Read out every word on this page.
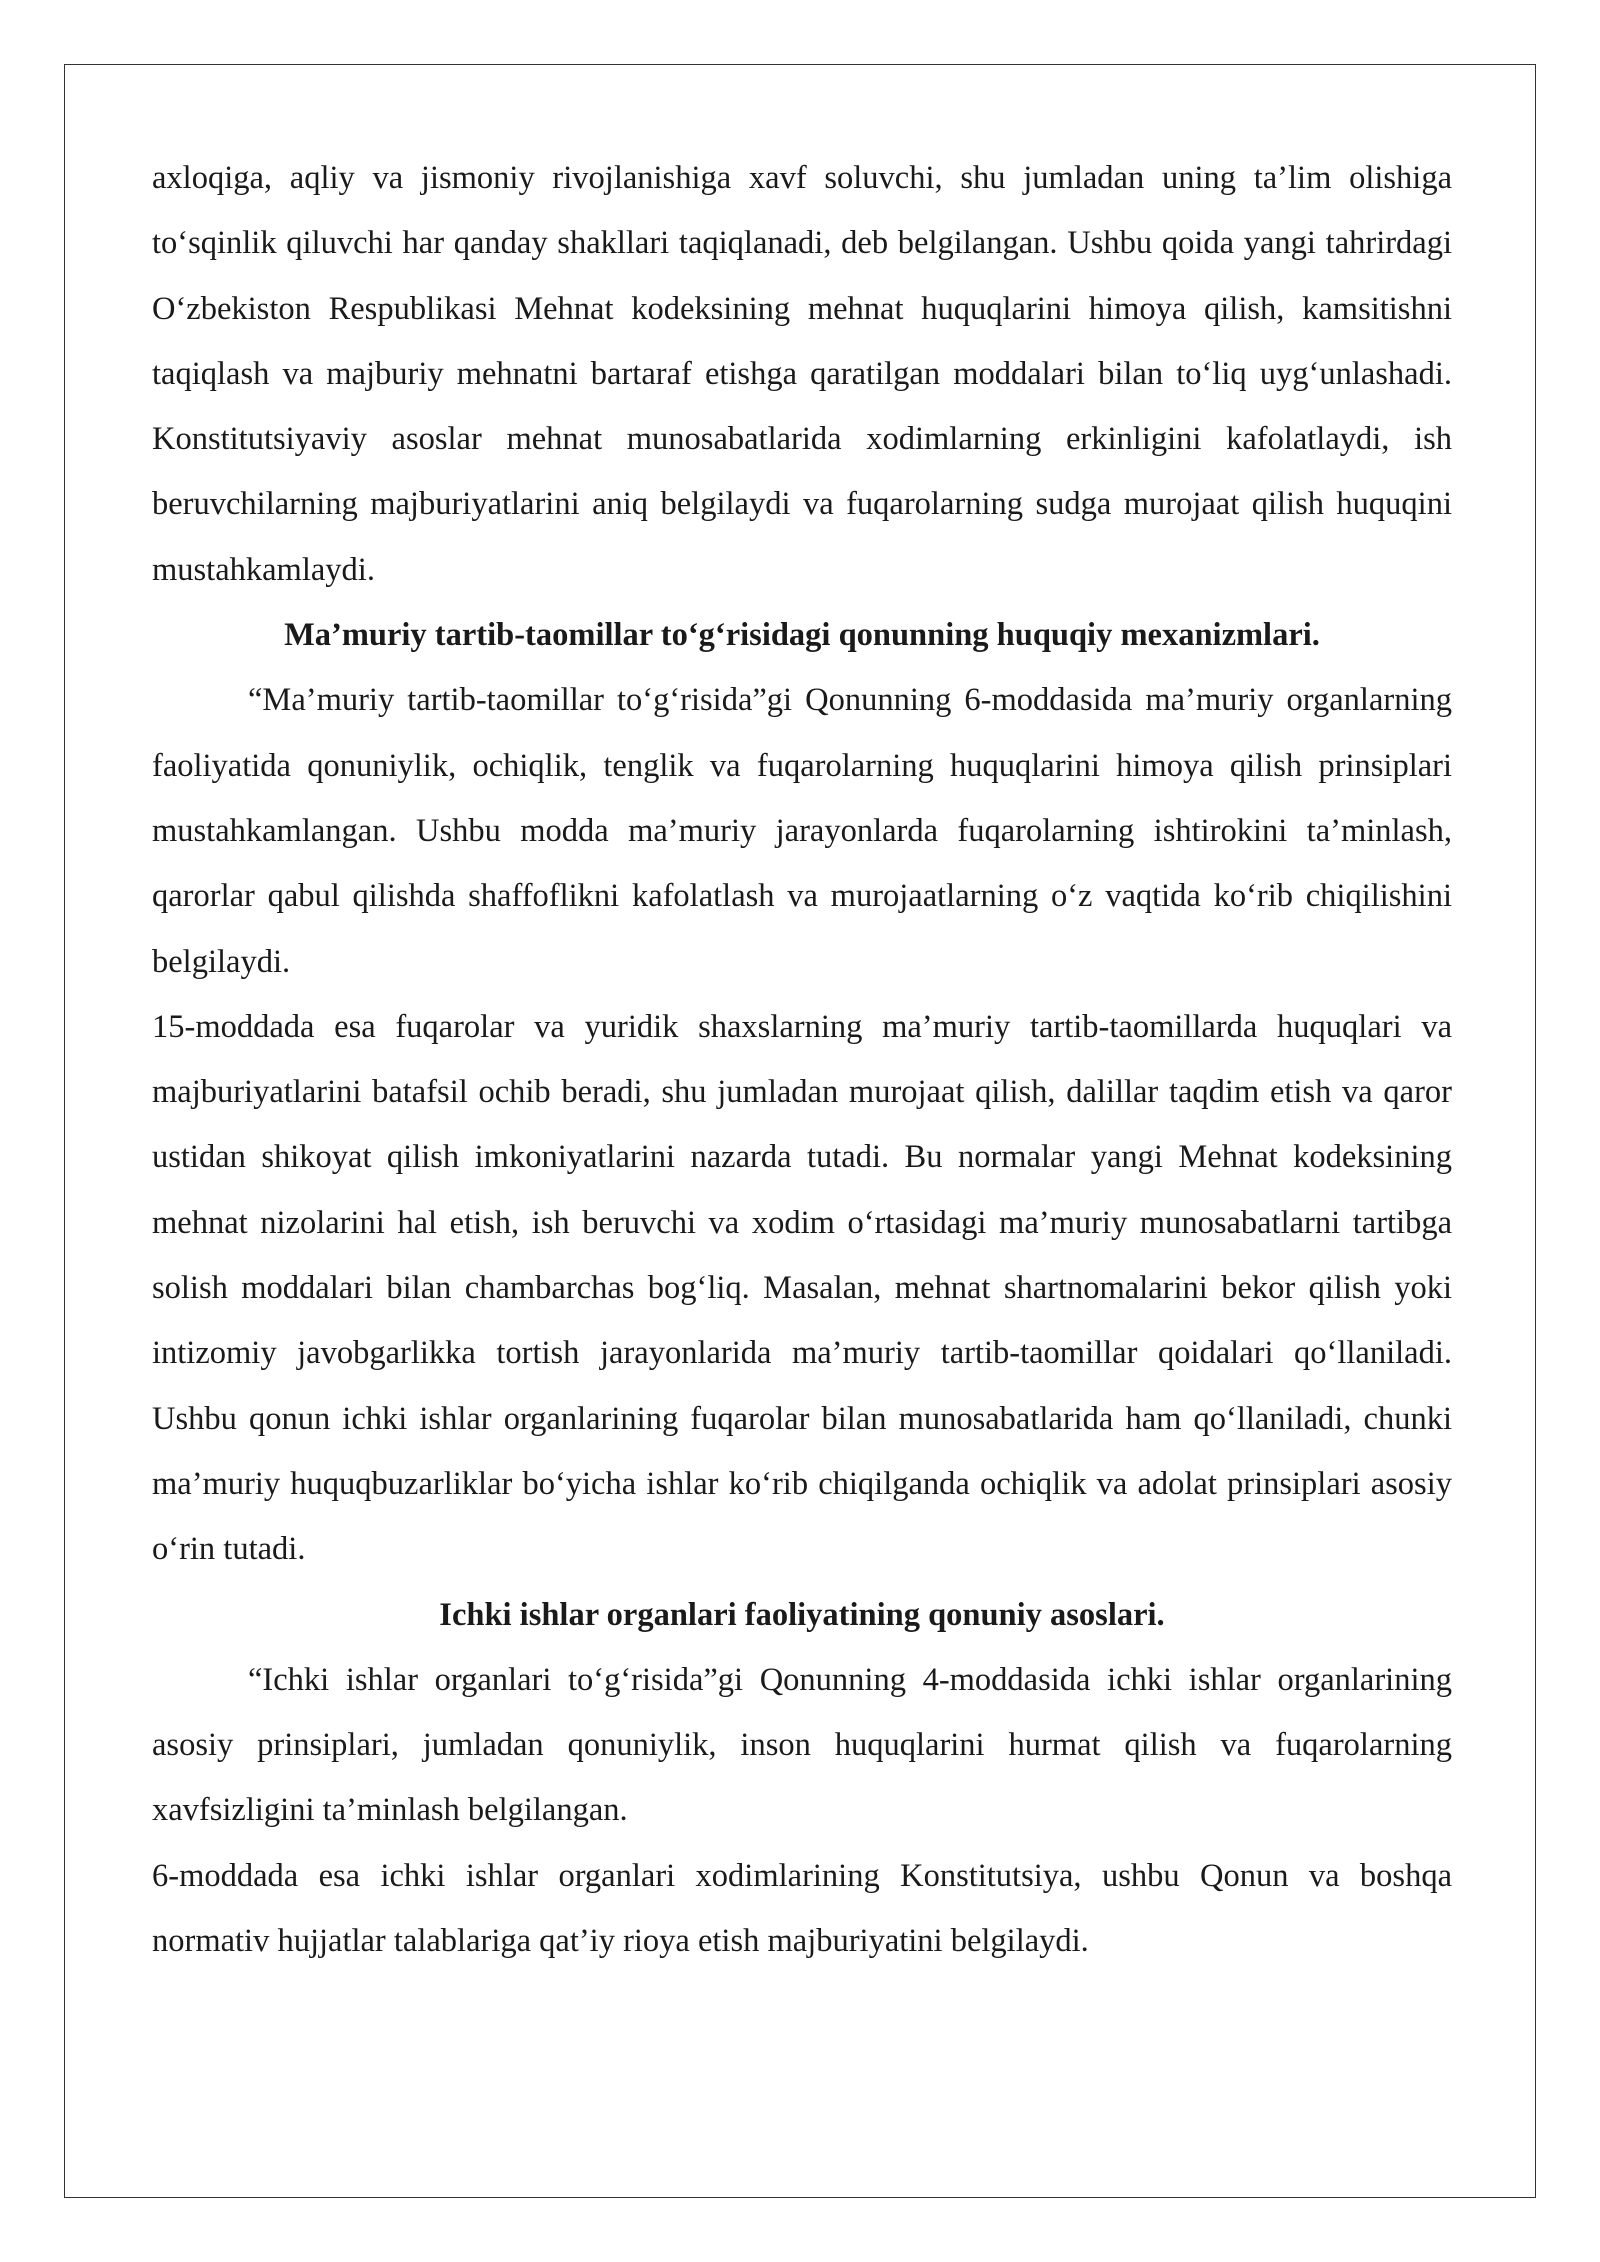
axloqiga, aqliy va jismoniy rivojlanishiga xavf soluvchi, shu jumladan uning ta’lim olishiga to‘sqinlik qiluvchi har qanday shakllari taqiqlanadi, deb belgilangan. Ushbu qoida yangi tahrirdagi O‘zbekiston Respublikasi Mehnat kodeksining mehnat huquqlarini himoya qilish, kamsitishni taqiqlash va majburiy mehnatni bartaraf etishga qaratilgan moddalari bilan to‘liq uyg‘unlashadi. Konstitutsiyaviy asoslar mehnat munosabatlarida xodimlarning erkinligini kafolatlaydi, ish beruvchilarning majburiyatlarini aniq belgilaydi va fuqarolarning sudga murojaat qilish huquqini mustahkamlaydi.

Ma’muriy tartib-taomillar to‘g‘risidagi qonunning huquqiy mexanizmlari.

“Ma’muriy tartib-taomillar to‘g‘risida”gi Qonunning 6-moddasida ma’muriy organlarning faoliyatida qonuniylik, ochiqlik, tenglik va fuqarolarning huquqlarini himoya qilish prinsiplari mustahkamlangan. Ushbu modda ma’muriy jarayonlarda fuqarolarning ishtirokini ta’minlash, qarorlar qabul qilishda shaffoflikni kafolatlash va murojaatlarning o‘z vaqtida ko‘rib chiqilishini belgilaydi.

15-moddada esa fuqarolar va yuridik shaxslarning ma’muriy tartib-taomillarda huquqlari va majburiyatlarini batafsil ochib beradi, shu jumladan murojaat qilish, dalillar taqdim etish va qaror ustidan shikoyat qilish imkoniyatlarini nazarda tutadi. Bu normalar yangi Mehnat kodeksining mehnat nizolarini hal etish, ish beruvchi va xodim o‘rtasidagi ma’muriy munosabatlarni tartibga solish moddalari bilan chambarchas bog‘liq. Masalan, mehnat shartnomalarini bekor qilish yoki intizomiy javobgarlikka tortish jarayonlarida ma’muriy tartib-taomillar qoidalari qo‘llaniladi. Ushbu qonun ichki ishlar organlarining fuqarolar bilan munosabatlarida ham qo‘llaniladi, chunki ma’muriy huquqbuzarliklar bo‘yicha ishlar ko‘rib chiqilganda ochiqlik va adolat prinsiplari asosiy o‘rin tutadi.

Ichki ishlar organlari faoliyatining qonuniy asoslari.

“Ichki ishlar organlari to‘g‘risida”gi Qonunning 4-moddasida ichki ishlar organlarining asosiy prinsiplari, jumladan qonuniylik, inson huquqlarini hurmat qilish va fuqarolarning xavfsizligini ta’minlash belgilangan.

6-moddada esa ichki ishlar organlari xodimlarining Konstitutsiya, ushbu Qonun va boshqa normativ hujjatlar talablariga qat’iy rioya etish majburiyatini belgilaydi.
